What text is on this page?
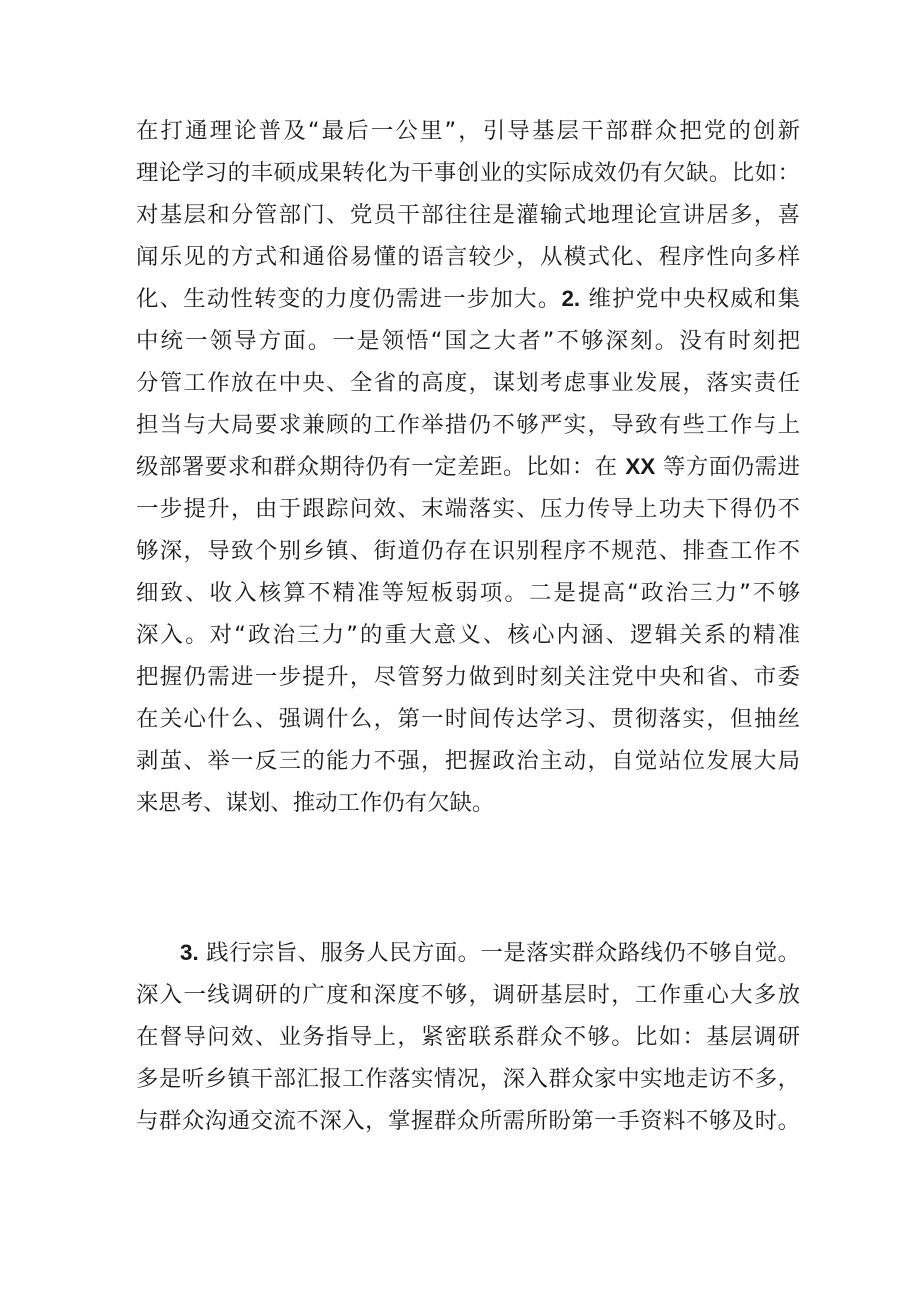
在打通理论普及“最后一公里”，引导基层干部群众把党的创新
理论学习的丰硕成果转化为干事创业的实际成效仍有欠缺。比如：
对基层和分管部门、党员干部往往是灌输式地理论宣讲居多，喜
闻乐见的方式和通俗易懂的语言较少，从模式化、程序性向多样
化、生动性转变的力度仍需进一步加大。2. 维护党中央权威和集
中统一领导方面。一是领悟“国之大者”不够深刻。没有时刻把
分管工作放在中央、全省的高度，谋划考虑事业发展，落实责任
担当与大局要求兼顾的工作举措仍不够严实，导致有些工作与上
级部署要求和群众期待仍有一定差距。比如：在 XX 等方面仍需进
一步提升，由于跟踪问效、末端落实、压力传导上功夫下得仍不
够深，导致个别乡镇、街道仍存在识别程序不规范、排查工作不
细致、收入核算不精准等短板弱项。二是提高“政治三力”不够
深入。对“政治三力”的重大意义、核心内涵、逻辑关系的精准
把握仍需进一步提升，尽管努力做到时刻关注党中央和省、市委
在关心什么、强调什么，第一时间传达学习、贯彻落实，但抽丝
剥茧、举一反三的能力不强，把握政治主动，自觉站位发展大局
来思考、谋划、推动工作仍有欠缺。
3. 践行宗旨、服务人民方面。一是落实群众路线仍不够自觉。
深入一线调研的广度和深度不够，调研基层时，工作重心大多放
在督导问效、业务指导上，紧密联系群众不够。比如：基层调研
多是听乡镇干部汇报工作落实情况，深入群众家中实地走访不多，
与群众沟通交流不深入，掌握群众所需所盼第一手资料不够及时。
